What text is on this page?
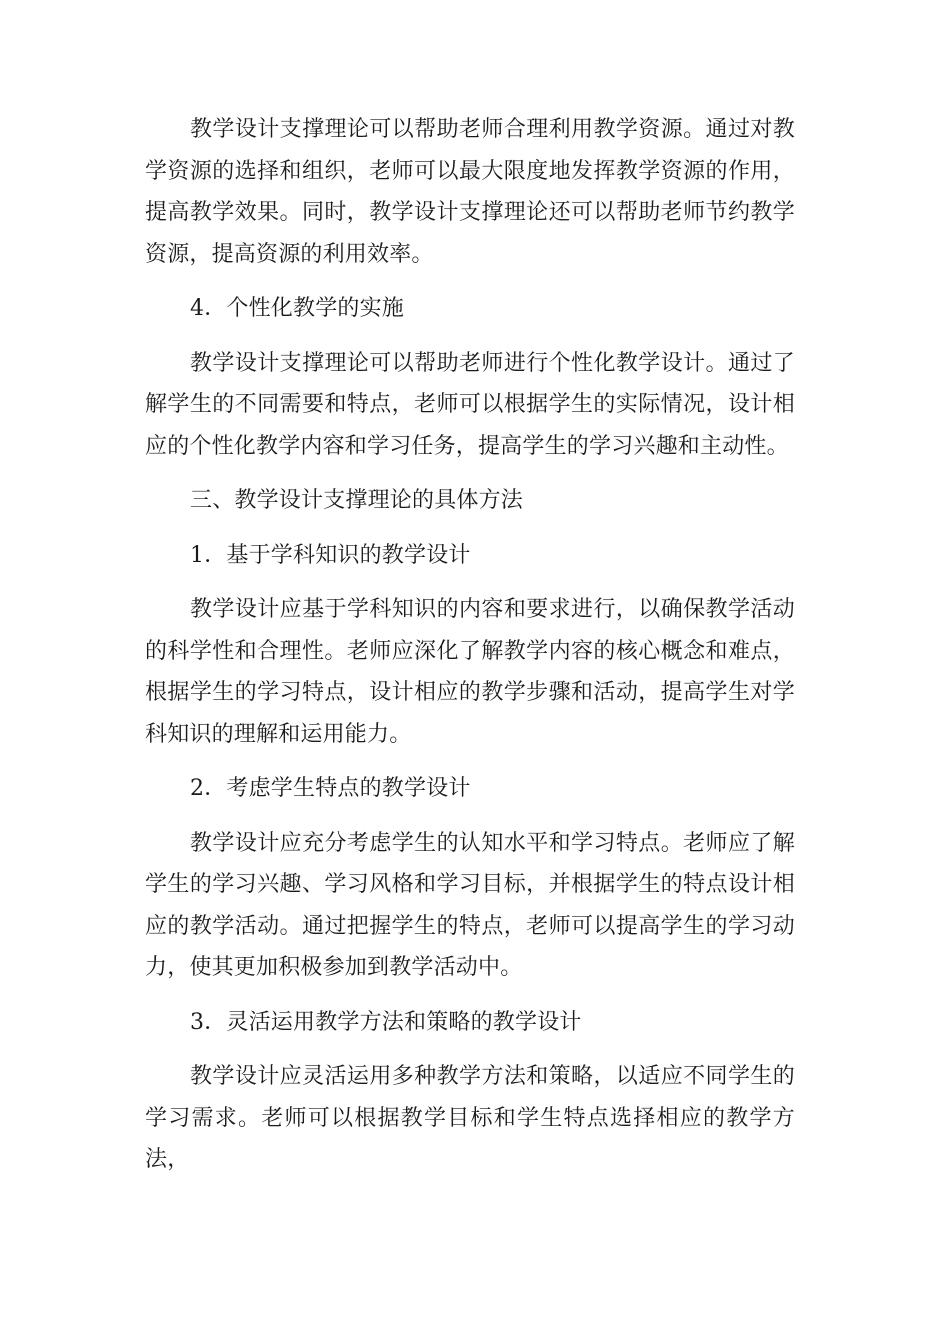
教学设计支撑理论可以帮助老师合理利用教学资源。通过对教学资源的选择和组织，老师可以最大限度地发挥教学资源的作用，提高教学效果。同时，教学设计支撑理论还可以帮助老师节约教学资源，提高资源的利用效率。

4．个性化教学的实施

教学设计支撑理论可以帮助老师进行个性化教学设计。通过了解学生的不同需要和特点，老师可以根据学生的实际情况，设计相应的个性化教学内容和学习任务，提高学生的学习兴趣和主动性。

三、教学设计支撑理论的具体方法

1．基于学科知识的教学设计

教学设计应基于学科知识的内容和要求进行，以确保教学活动的科学性和合理性。老师应深化了解教学内容的核心概念和难点，根据学生的学习特点，设计相应的教学步骤和活动，提高学生对学科知识的理解和运用能力。

2．考虑学生特点的教学设计

教学设计应充分考虑学生的认知水平和学习特点。老师应了解学生的学习兴趣、学习风格和学习目标，并根据学生的特点设计相应的教学活动。通过把握学生的特点，老师可以提高学生的学习动力，使其更加积极参加到教学活动中。

3．灵活运用教学方法和策略的教学设计

教学设计应灵活运用多种教学方法和策略，以适应不同学生的学习需求。老师可以根据教学目标和学生特点选择相应的教学方法，
